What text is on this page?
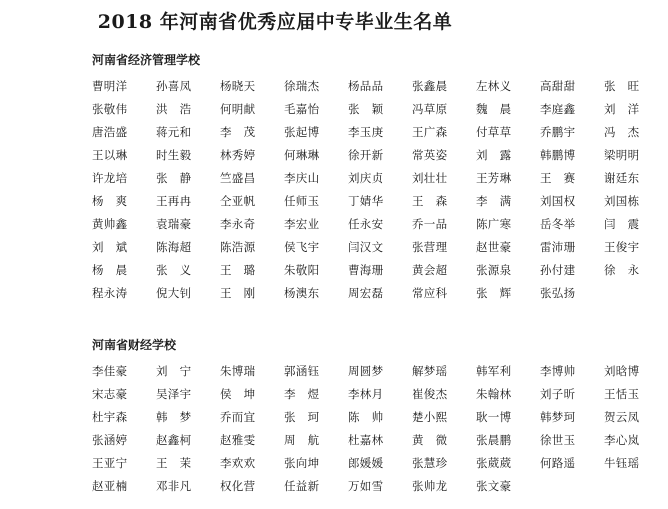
2018 年河南省优秀应届中专毕业生名单
河南省经济管理学校
曹明洋	孙喜凤	杨晓天	徐瑞杰	杨品品	张鑫晨	左林义	高甜甜	张　旺
张敬伟	洪　浩	何明献	毛嘉怡	张　颖	冯草原	魏　晨	李庭鑫	刘　洋
唐浩盛	蒋元和	李　茂	张起博	李玉庚	王广森	付草草	乔鹏宇	冯　杰
王以琳	时生毅	林秀婷	何琳琳	徐开新	常英姿	刘　露	韩鹏博	梁明明
许龙培	张　静	竺盛昌	李庆山	刘庆贞	刘壮壮	王芳琳	王　赛	谢廷东
杨　爽	王再冉	仝亚帆	任师玉	丁婧华	王　森	李　满	刘国权	刘国栋
黄帅鑫	袁瑞豪	李永奇	李宏业	任永安	乔一品	陈广寒	岳冬举	闫　震
刘　斌	陈海超	陈浩源	侯飞宇	闫汉文	张营理	赵世豪	雷沛珊	王俊宇
杨　晨	张　义	王　璐	朱敬阳	曹海珊	黄会超	张源泉	孙付建	徐　永
程永涛	倪大钊	王　刚	杨澳东	周宏磊	常应科	张　辉	张弘扬
河南省财经学校
李佳豪	刘　宁	朱博瑞	郭涵钰	周圆梦	解梦瑶	韩军利	李博帅	刘晗博
宋志豪	吴泽宇	侯　坤	李　煜	李林月	崔俊杰	朱翰林	刘子昕	王恬玉
杜宇森	韩　梦	乔而宜	张　珂	陈　帅	楚小熙	耿一博	韩梦珂	贺云凤
张涵婷	赵鑫柯	赵雅雯	周　航	杜嘉林	黄　微	张晨鹏	徐世玉	李心岚
王亚宁	王　茉	李欢欢	张向坤	郎媛媛	张慧珍	张葳葳	何路遥	牛钰瑶
赵亚楠	邓非凡	权化营	任益新	万如雪	张帅龙	张文豪
